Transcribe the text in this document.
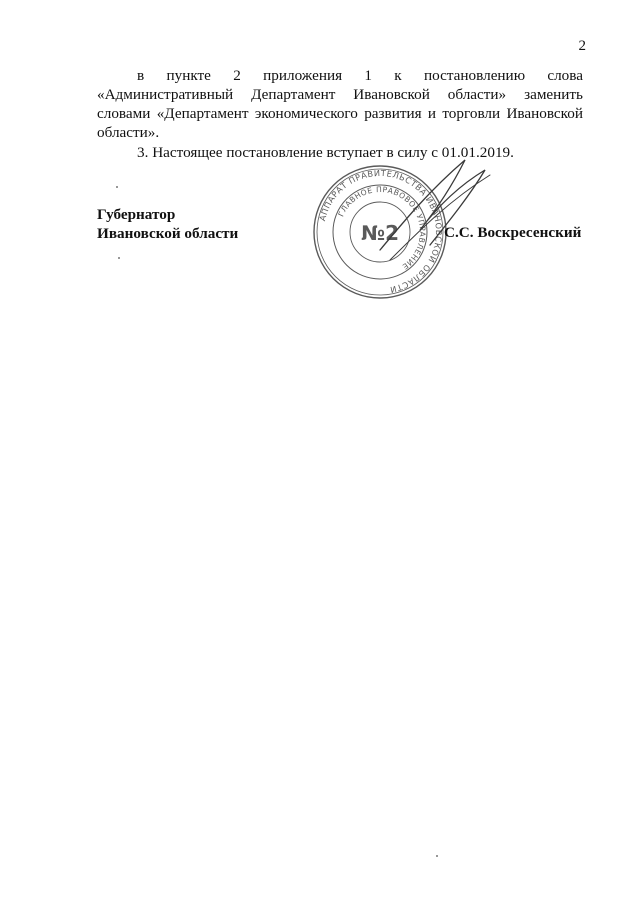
2

в пункте 2 приложения 1 к постановлению слова «Административный Департамент Ивановской области» заменить словами «Департамент экономического развития и торговли Ивановской области».

3. Настоящее постановление вступает в силу с 01.01.2019.

Губернатор
Ивановской области
АППАРАТ ПРАВИТЕЛЬСТВА ИВАНОВСКОЙ ОБЛАСТИ
ГЛАВНОЕ ПРАВОВОЕ УПРАВЛЕНИЕ
№2	С.С. Воскресенский
